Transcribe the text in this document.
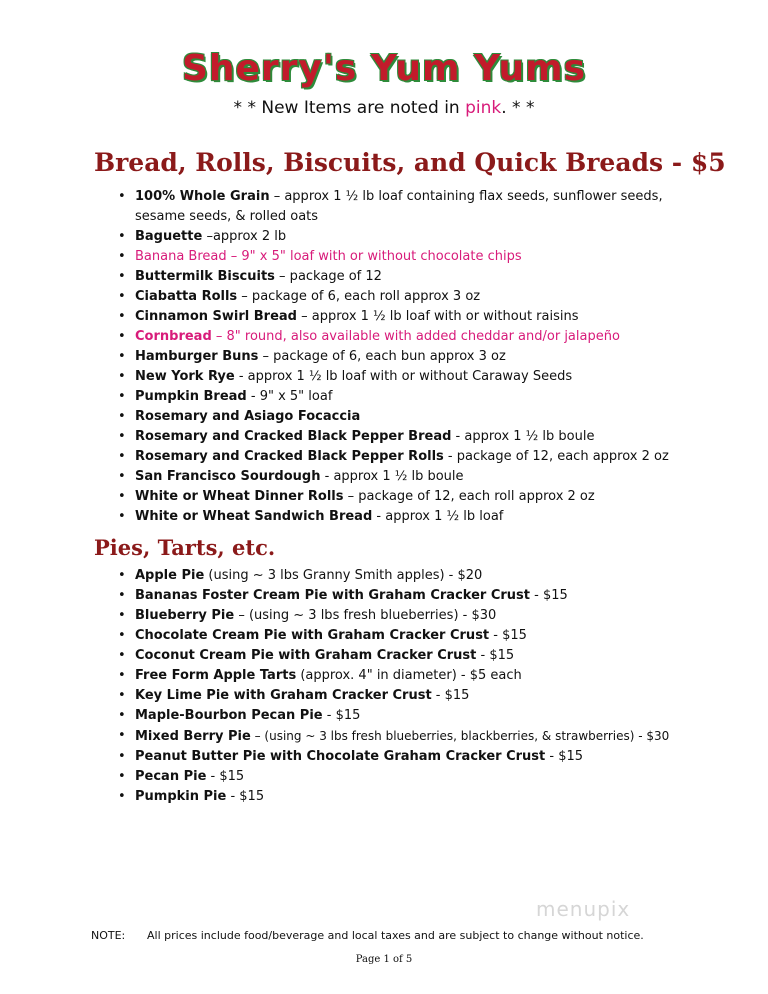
Sherry's Yum Yums
* * New Items are noted in pink. * *
Bread, Rolls, Biscuits, and Quick Breads - $5
• 100% Whole Grain – approx 1 ½ lb loaf containing flax seeds, sunflower seeds, sesame seeds, & rolled oats
• Baguette –approx 2 lb
• Banana Bread – 9" x 5" loaf with or without chocolate chips
• Buttermilk Biscuits – package of 12
• Ciabatta Rolls – package of 6, each roll approx 3 oz
• Cinnamon Swirl Bread – approx 1 ½ lb loaf with or without raisins
• Cornbread – 8" round, also available with added cheddar and/or jalapeño
• Hamburger Buns – package of 6, each bun approx 3 oz
• New York Rye - approx 1 ½ lb loaf with or without Caraway Seeds
• Pumpkin Bread - 9" x 5" loaf
• Rosemary and Asiago Focaccia
• Rosemary and Cracked Black Pepper Bread - approx 1 ½ lb boule
• Rosemary and Cracked Black Pepper Rolls - package of 12, each approx 2 oz
• San Francisco Sourdough - approx 1 ½ lb boule
• White or Wheat Dinner Rolls – package of 12, each roll approx 2 oz
• White or Wheat Sandwich Bread - approx 1 ½ lb loaf
Pies, Tarts, etc.
• Apple Pie (using ~ 3 lbs Granny Smith apples) - $20
• Bananas Foster Cream Pie with Graham Cracker Crust - $15
• Blueberry Pie – (using ~ 3 lbs fresh blueberries) - $30
• Chocolate Cream Pie with Graham Cracker Crust - $15
• Coconut Cream Pie with Graham Cracker Crust - $15
• Free Form Apple Tarts (approx. 4" in diameter) - $5 each
• Key Lime Pie with Graham Cracker Crust - $15
• Maple-Bourbon Pecan Pie - $15
• Mixed Berry Pie – (using ~ 3 lbs fresh blueberries, blackberries, & strawberries) - $30
• Peanut Butter Pie with Chocolate Graham Cracker Crust - $15
• Pecan Pie - $15
• Pumpkin Pie - $15
menupix
NOTE: All prices include food/beverage and local taxes and are subject to change without notice.
Page 1 of 5
